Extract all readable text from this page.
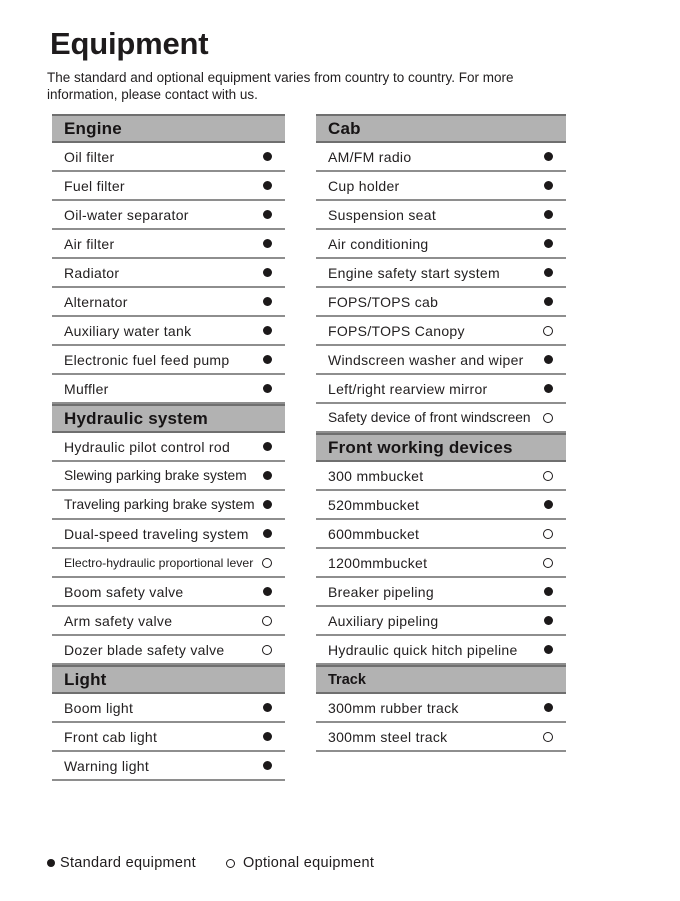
Equipment

The standard and optional equipment varies from country to country. For more information, please contact with us.

Engine
Oil filter
Fuel filter
Oil-water separator
Air filter
Radiator
Alternator
Auxiliary water tank
Electronic fuel feed pump
Muffler
Hydraulic system
Hydraulic pilot control rod
Slewing parking brake system
Traveling parking brake system
Dual-speed traveling system
Electro-hydraulic proportional lever
Boom safety valve
Arm safety valve
Dozer blade safety valve
Light
Boom light
Front cab light
Warning light
Cab
AM/FM radio
Cup holder
Suspension seat
Air conditioning
Engine safety start system
FOPS/TOPS cab
FOPS/TOPS Canopy
Windscreen washer and wiper
Left/right rearview mirror
Safety device of front windscreen
Front working devices
300 mmbucket
520mmbucket
600mmbucket
1200mmbucket
Breaker pipeling
Auxiliary pipeling
Hydraulic quick hitch pipeline
Track
300mm rubber track
300mm steel track
Standard equipment	Optional equipment
